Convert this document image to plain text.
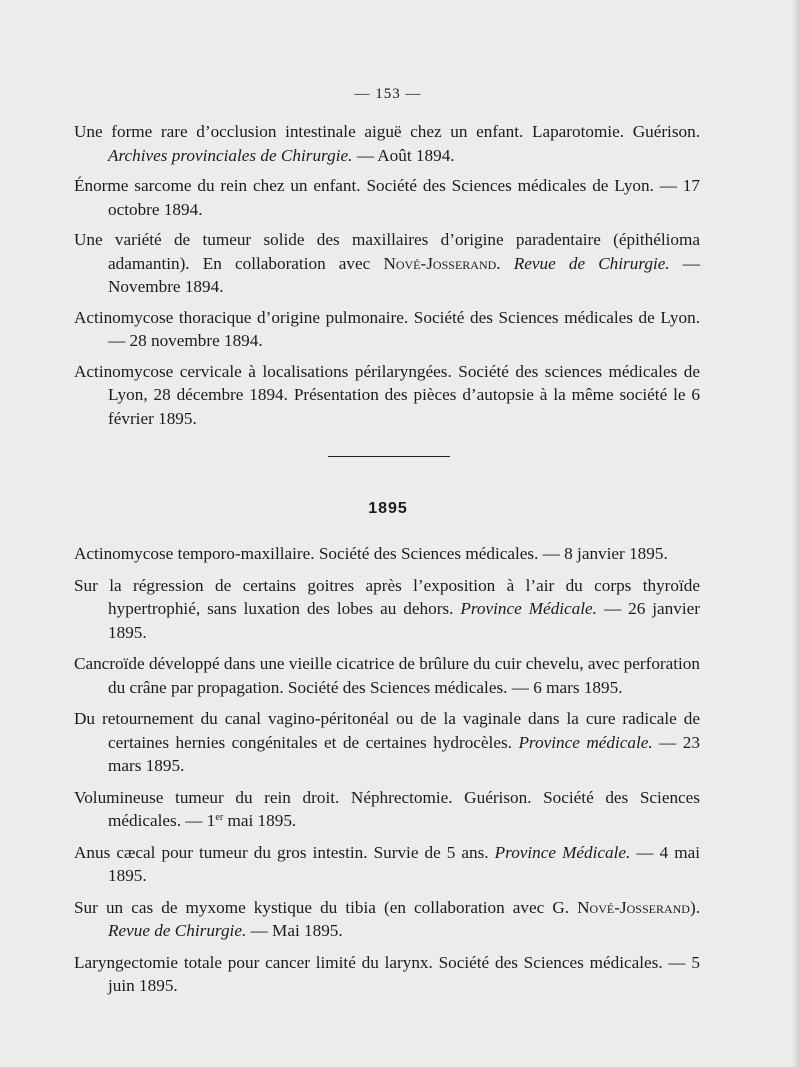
— 153 —

Une forme rare d’occlusion intestinale aiguë chez un enfant. Laparotomie. Guérison. Archives provinciales de Chirurgie. — Août 1894.

Énorme sarcome du rein chez un enfant. Société des Sciences médicales de Lyon. — 17 octobre 1894.

Une variété de tumeur solide des maxillaires d’origine paradentaire (épithélioma adamantin). En collaboration avec Nové-Josserand. Revue de Chirurgie. — Novembre 1894.

Actinomycose thoracique d’origine pulmonaire. Société des Sciences médicales de Lyon. — 28 novembre 1894.

Actinomycose cervicale à localisations périlaryngées. Société des sciences médicales de Lyon, 28 décembre 1894. Présentation des pièces d’autopsie à la même société le 6 février 1895.

1895

Actinomycose temporo-maxillaire. Société des Sciences médicales. — 8 janvier 1895.

Sur la régression de certains goitres après l’exposition à l’air du corps thyroïde hypertrophié, sans luxation des lobes au dehors. Province Médicale. — 26 janvier 1895.

Cancroïde développé dans une vieille cicatrice de brûlure du cuir chevelu, avec perforation du crâne par propagation. Société des Sciences médicales. — 6 mars 1895.

Du retournement du canal vagino-péritonéal ou de la vaginale dans la cure radicale de certaines hernies congénitales et de certaines hydrocèles. Province médicale. — 23 mars 1895.

Volumineuse tumeur du rein droit. Néphrectomie. Guérison. Société des Sciences médicales. — 1er mai 1895.

Anus cæcal pour tumeur du gros intestin. Survie de 5 ans. Province Médicale. — 4 mai 1895.

Sur un cas de myxome kystique du tibia (en collaboration avec G. Nové-Josserand). Revue de Chirurgie. — Mai 1895.

Laryngectomie totale pour cancer limité du larynx. Société des Sciences médicales. — 5 juin 1895.
